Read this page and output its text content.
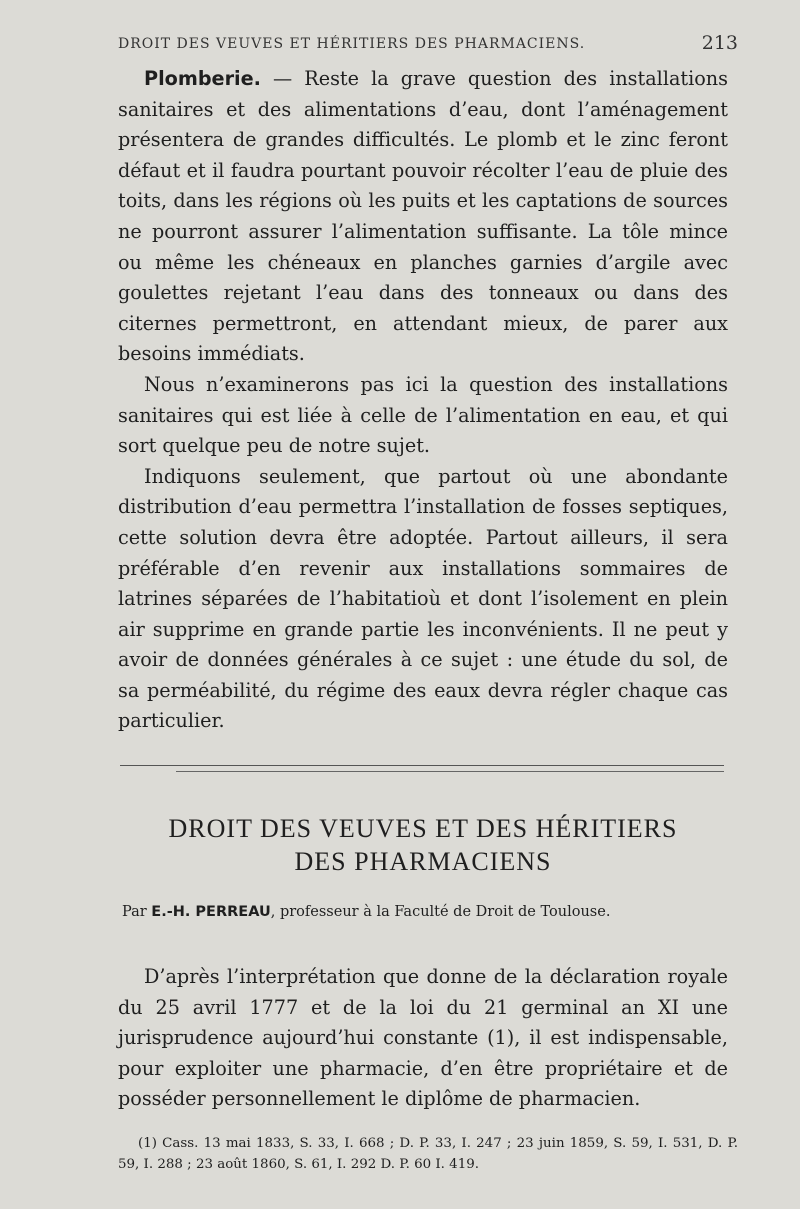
DROIT DES VEUVES ET HÉRITIERS DES PHARMACIENS.	213

Plomberie. — Reste la grave question des installations sanitaires et des alimentations d’eau, dont l’aménagement présentera de grandes difficultés. Le plomb et le zinc feront défaut et il faudra pourtant pouvoir récolter l’eau de pluie des toits, dans les régions où les puits et les captations de sources ne pourront assurer l’alimentation suffisante. La tôle mince ou même les chéneaux en planches garnies d’argile avec goulettes rejetant l’eau dans des tonneaux ou dans des citernes permettront, en attendant mieux, de parer aux besoins immédiats.

Nous n’examinerons pas ici la question des installations sanitaires qui est liée à celle de l’alimentation en eau, et qui sort quelque peu de notre sujet.

Indiquons seulement, que partout où une abondante distribution d’eau permettra l’installation de fosses septiques, cette solution devra être adoptée. Partout ailleurs, il sera préférable d’en revenir aux installations sommaires de latrines séparées de l’habitatioù et dont l’isolement en plein air supprime en grande partie les inconvénients. Il ne peut y avoir de données générales à ce sujet : une étude du sol, de sa perméabilité, du régime des eaux devra régler chaque cas particulier.

DROIT DES VEUVES ET DES HÉRITIERS
DES PHARMACIENS
Par E.-H. PERREAU, professeur à la Faculté de Droit de Toulouse.

D’après l’interprétation que donne de la déclaration royale du 25 avril 1777 et de la loi du 21 germinal an XI une jurisprudence aujourd’hui constante (1), il est indispensable, pour exploiter une pharmacie, d’en être propriétaire et de posséder personnellement le diplôme de pharmacien.

(1) Cass. 13 mai 1833, S. 33, I. 668 ; D. P. 33, I. 247 ; 23 juin 1859, S. 59, I. 531, D. P. 59, I. 288 ; 23 août 1860, S. 61, I. 292 D. P. 60 I. 419.
